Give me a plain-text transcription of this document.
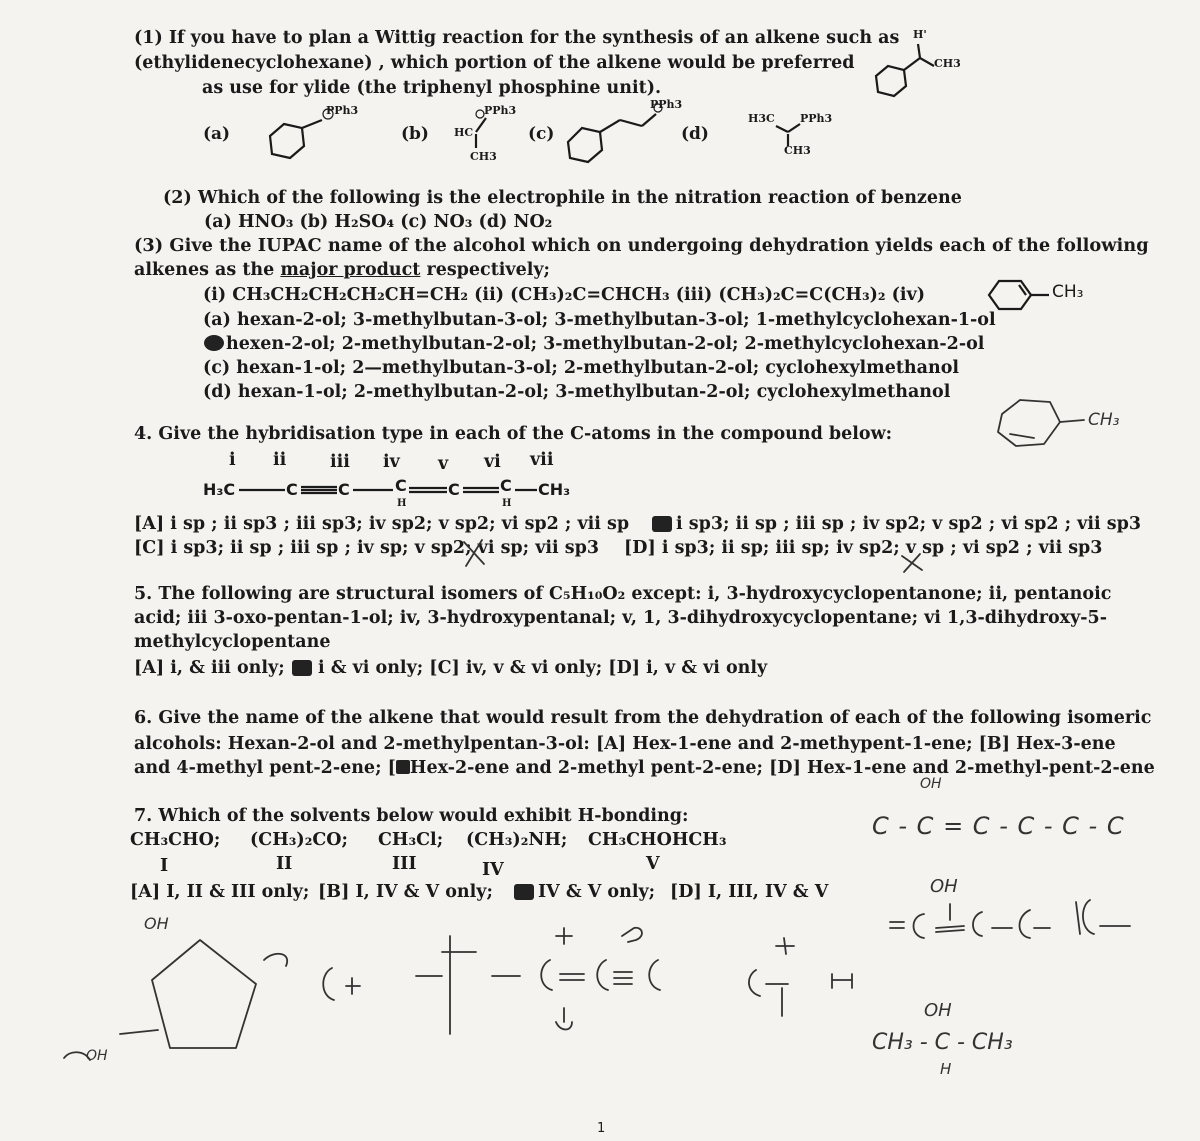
(1) If you have to plan a Wittig reaction for the synthesis of an alkene such as
(ethylidenecyclohexane) , which portion of the alkene would be preferred
as use for ylide (the triphenyl phosphine unit).
H'
CH3
(a)
PPh3
(b) HC
PPh3
CH3
(c)
PPh3
(d)
H3C PPh3
CH3
(2) Which of the following is the electrophile in the nitration reaction of benzene
(a) HNO₃ (b) H₂SO₄ (c) NO₃ (d) NO₂
(3) Give the IUPAC name of the alcohol which on undergoing dehydration yields each of the following
alkenes as the major product respectively;
(i) CH₃CH₂CH₂CH₂CH=CH₂ (ii) (CH₃)₂C=CHCH₃ (iii) (CH₃)₂C=C(CH₃)₂ (iv)	CH₃
(a) hexan-2-ol; 3-methylbutan-3-ol; 3-methylbutan-3-ol; 1-methylcyclohexan-1-ol
hexen-2-ol; 2-methylbutan-2-ol; 3-methylbutan-2-ol; 2-methylcyclohexan-2-ol
(c) hexan-1-ol; 2—methylbutan-3-ol; 2-methylbutan-2-ol; cyclohexylmethanol
(d) hexan-1-ol; 2-methylbutan-2-ol; 3-methylbutan-2-ol; cyclohexylmethanol
4. Give the hybridisation type in each of the C-atoms in the compound below:
CH₃
i ii iii iv v vi vii
H₃C	C	C	C
H
C	C
H
CH₃
[A] i sp ; ii sp3 ; iii sp3; iv sp2; v sp2; vi sp2 ; vii sp	i sp3; ii sp ; iii sp ; iv sp2; v sp2 ; vi sp2 ; vii sp3
[C] i sp3; ii sp ; iii sp ; iv sp; v sp2; vi sp; vii sp3 [D] i sp3; ii sp; iii sp; iv sp2; v sp ; vi sp2 ; vii sp3
5. The following are structural isomers of C₅H₁₀O₂ except: i, 3-hydroxycyclopentanone; ii, pentanoic
acid; iii 3-oxo-pentan-1-ol; iv, 3-hydroxypentanal; v, 1, 3-dihydroxycyclopentane; vi 1,3-dihydroxy-5-
methylcyclopentane
[A] i, & iii only; i & vi only; [C] iv, v & vi only; [D] i, v & vi only
6. Give the name of the alkene that would result from the dehydration of each of the following isomeric
alcohols: Hexan-2-ol and 2-methylpentan-3-ol: [A] Hex-1-ene and 2-methypent-1-ene; [B] Hex-3-ene
and 4-methyl pent-2-ene; [ Hex-2-ene and 2-methyl pent-2-ene; [D] Hex-1-ene and 2-methyl-pent-2-ene
7. Which of the solvents below would exhibit H-bonding:
CH₃CHO; (CH₃)₂CO; CH₃Cl; (CH₃)₂NH; CH₃CHOHCH₃
I	II	III	IV	V
[A] I, II & III only; [B] I, IV & V only;	IV & V only; [D] I, III, IV & V
OH
C - C = C - C - C - C
OH
OH
CH₃ - C - CH₃
H
OH
OH
1
